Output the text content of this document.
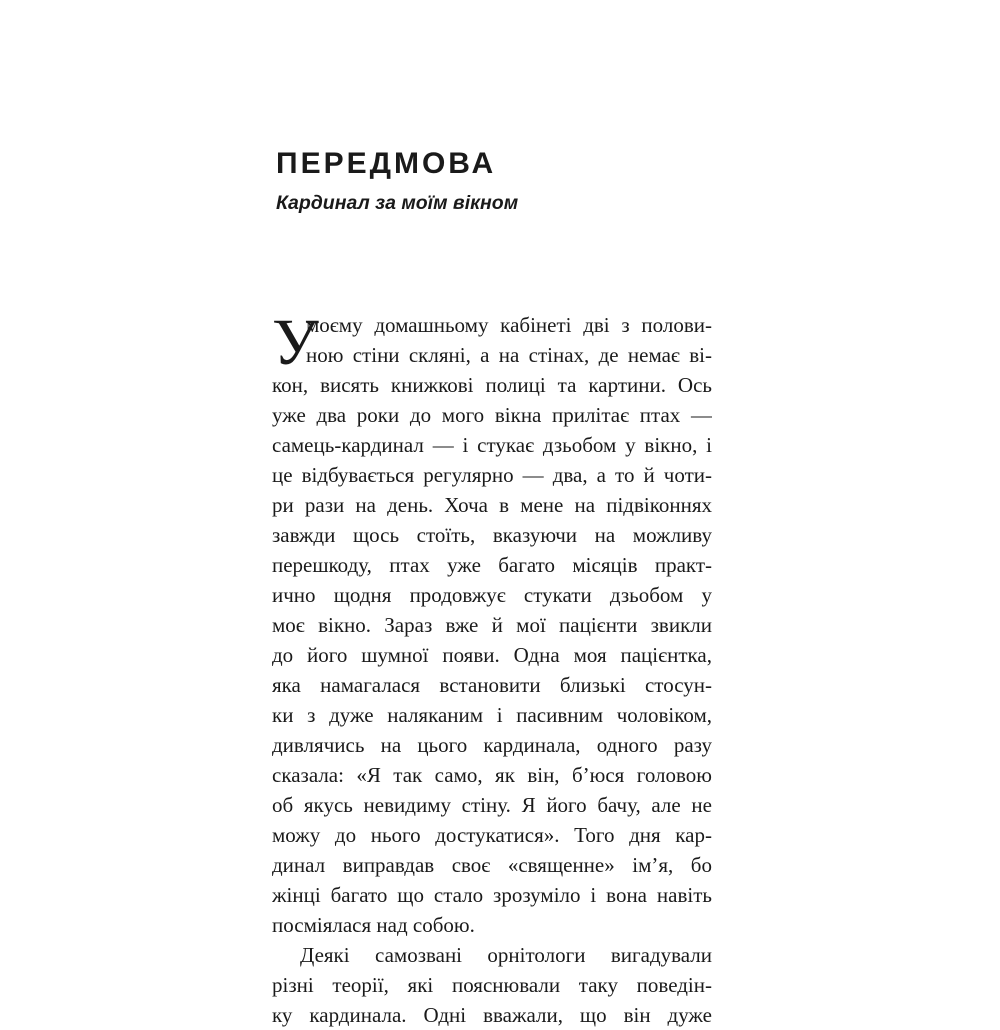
ПЕРЕДМОВА
Кардинал за моїм вікном
У
моєму домашньому кабінеті дві з полови-
ною стіни скляні, а на стінах, де немає ві-
кон, висять книжкові полиці та картини. Ось
уже два роки до мого вікна прилітає птах —
самець-кардинал — і стукає дзьобом у вікно, і
це відбувається регулярно — два, а то й чоти-
ри рази на день. Хоча в мене на підвіконнях
завжди щось стоїть, вказуючи на можливу
перешкоду, птах уже багато місяців практ-
ично щодня продовжує стукати дзьобом у
моє вікно. Зараз вже й мої пацієнти звикли
до його шумної появи. Одна моя пацієнтка,
яка намагалася встановити близькі стосун-
ки з дуже наляканим і пасивним чоловіком,
дивлячись на цього кардинала, одного разу
сказала: «Я так само, як він, б’юся головою
об якусь невидиму стіну. Я його бачу, але не
можу до нього достукатися». Того дня кар-
динал виправдав своє «священне» ім’я, бо
жінці багато що стало зрозуміло і вона навіть
посміялася над собою.
Деякі самозвані орнітологи вигадували
різні теорії, які пояснювали таку поведін-
ку кардинала. Одні вважали, що він дуже
